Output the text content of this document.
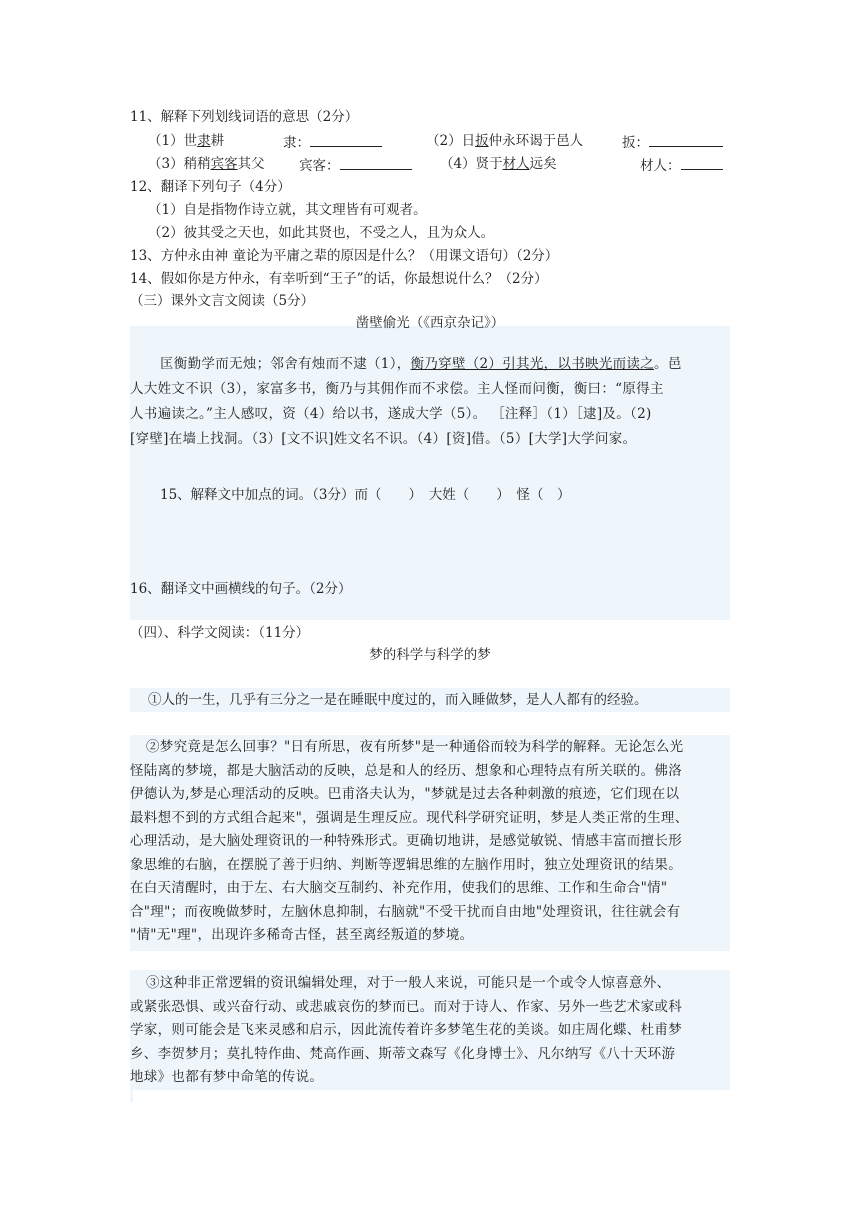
11、解释下列划线词语的意思（2分）
（1）世隶耕	隶：	（2）日扳仲永环谒于邑人	扳：
（3）稍稍宾客其父	宾客：	（4）贤于材人远矣	材人：
12、翻译下列句子（4分）
（1）自是指物作诗立就，其文理皆有可观者。
（2）彼其受之天也，如此其贤也，不受之人，且为众人。
13、方仲永由神 童论为平庸之辈的原因是什么？（用课文语句）（2分）
14、假如你是方仲永，有幸听到“王子”的话，你最想说什么？（2分）
（三）课外文言文阅读（5分）
凿壁偷光（《西京杂记》）
匡衡勤学而无烛；邻舍有烛而不逮（1），衡乃穿壁（2）引其光，以书映光而读之。邑
人大姓文不识（3），家富多书，衡乃与其佣作而不求偿。主人怪而问衡，衡曰：“原得主
人书遍读之。”主人感叹，资（4）给以书，遂成大学（5）。 ［注释］（1）［逮]及。（2)
[穿壁]在墙上找洞。（3）[文不识]姓文名不识。（4）[资]借。（5）[大学]大学问家。
15、解释文中加点的词。（3分）而（　　）　大姓（　　）　怪（　）
16、翻译文中画横线的句子。（2分）
（四）、科学文阅读：（11分）
梦的科学与科学的梦
①人的一生，几乎有三分之一是在睡眠中度过的，而入睡做梦，是人人都有的经验。
②梦究竟是怎么回事？"日有所思，夜有所梦"是一种通俗而较为科学的解释。无论怎么光
怪陆离的梦境，都是大脑活动的反映，总是和人的经历、想象和心理特点有所关联的。佛洛
伊德认为,梦是心理活动的反映。巴甫洛夫认为，"梦就是过去各种刺激的痕迹，它们现在以
最料想不到的方式组合起来"，强调是生理反应。现代科学研究证明，梦是人类正常的生理、
心理活动，是大脑处理资讯的一种特殊形式。更确切地讲，是感觉敏锐、情感丰富而擅长形
象思维的右脑，在摆脱了善于归纳、判断等逻辑思维的左脑作用时，独立处理资讯的结果。
在白天清醒时，由于左、右大脑交互制约、补充作用，使我们的思维、工作和生命合"情"
合"理"；而夜晚做梦时，左脑休息抑制，右脑就"不受干扰而自由地"处理资讯，往往就会有
"情"无"理"，出现许多稀奇古怪，甚至离经叛道的梦境。
③这种非正常逻辑的资讯编辑处理，对于一般人来说，可能只是一个或令人惊喜意外、
或紧张恐惧、或兴奋行动、或悲戚哀伤的梦而已。而对于诗人、作家、另外一些艺术家或科
学家，则可能会是飞来灵感和启示，因此流传着许多梦笔生花的美谈。如庄周化蝶、杜甫梦
乡、李贺梦月；莫扎特作曲、梵高作画、斯蒂文森写《化身博士》、凡尔纳写《八十天环游
地球》也都有梦中命笔的传说。
